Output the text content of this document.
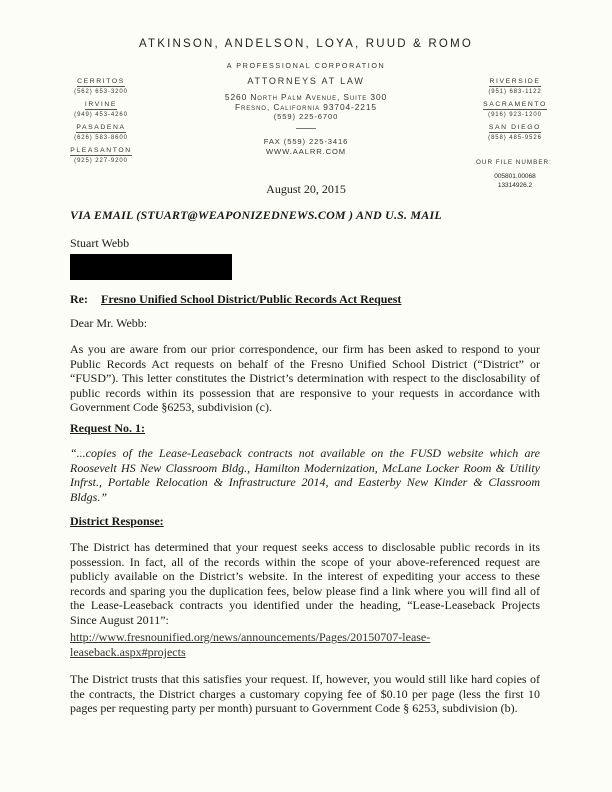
ATKINSON, ANDELSON, LOYA, RUUD & ROMO
A PROFESSIONAL CORPORATION
ATTORNEYS AT LAW
5260 North Palm Avenue, Suite 300
Fresno, California 93704-2215
(559) 225-6700
FAX (559) 225-3416
WWW.AALRR.COM
CERRITOS
(562) 653-3200
IRVINE
(949) 453-4260
PASADENA
(626) 583-8600
PLEASANTON
(925) 227-9200
RIVERSIDE
(951) 683-1122
SACRAMENTO
(916) 923-1200
SAN DIEGO
(858) 485-9526
OUR FILE NUMBER:
005801.00068
13314926.2
August 20, 2015
VIA EMAIL (STUART@WEAPONIZEDNEWS.COM ) AND U.S. MAIL
Stuart Webb
Re: Fresno Unified School District/Public Records Act Request
Dear Mr. Webb:
As you are aware from our prior correspondence, our firm has been asked to respond to your Public Records Act requests on behalf of the Fresno Unified School District (“District” or “FUSD”). This letter constitutes the District’s determination with respect to the disclosability of public records within its possession that are responsive to your requests in accordance with Government Code §6253, subdivision (c).
Request No. 1:
“...copies of the Lease-Leaseback contracts not available on the FUSD website which are Roosevelt HS New Classroom Bldg., Hamilton Modernization, McLane Locker Room & Utility Infrst., Portable Relocation & Infrastructure 2014, and Easterby New Kinder & Classroom Bldgs.”
District Response:
The District has determined that your request seeks access to disclosable public records in its possession. In fact, all of the records within the scope of your above-referenced request are publicly available on the District’s website. In the interest of expediting your access to these records and sparing you the duplication fees, below please find a link where you will find all of the Lease-Leaseback contracts you identified under the heading, “Lease-Leaseback Projects Since August 2011”:
http://www.fresnounified.org/news/announcements/Pages/20150707-lease-leaseback.aspx#projects
The District trusts that this satisfies your request. If, however, you would still like hard copies of the contracts, the District charges a customary copying fee of $0.10 per page (less the first 10 pages per requesting party per month) pursuant to Government Code § 6253, subdivision (b).
